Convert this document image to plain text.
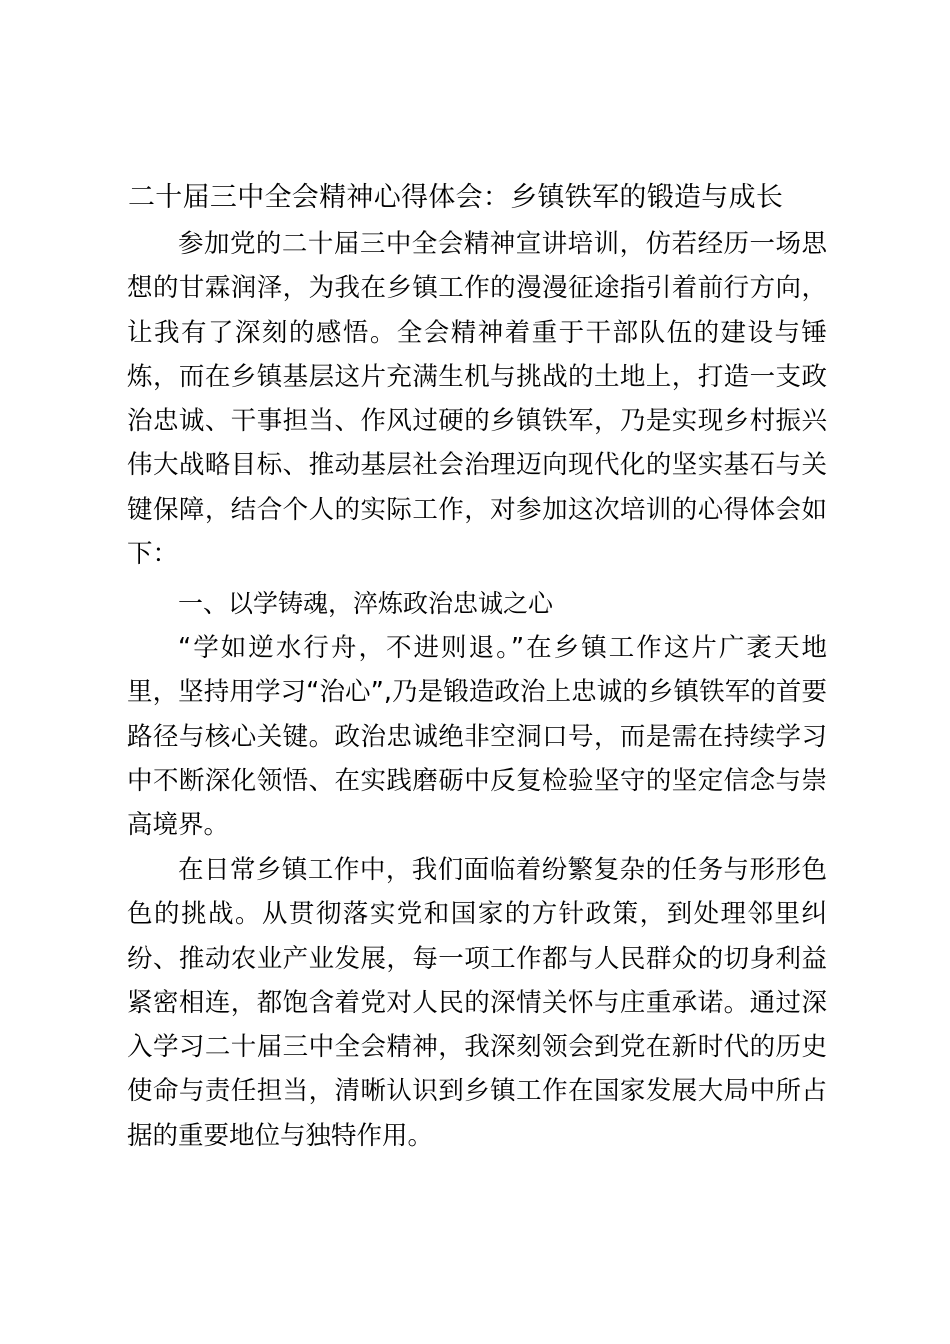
二十届三中全会精神心得体会：乡镇铁军的锻造与成长

参加党的二十届三中全会精神宣讲培训，仿若经历一场思想的甘霖润泽，为我在乡镇工作的漫漫征途指引着前行方向，让我有了深刻的感悟。全会精神着重于干部队伍的建设与锤炼，而在乡镇基层这片充满生机与挑战的土地上，打造一支政治忠诚、干事担当、作风过硬的乡镇铁军，乃是实现乡村振兴伟大战略目标、推动基层社会治理迈向现代化的坚实基石与关键保障，结合个人的实际工作，对参加这次培训的心得体会如下：

一、以学铸魂，淬炼政治忠诚之心

“学如逆水行舟，不进则退。”在乡镇工作这片广袤天地里，坚持用学习“治心”,乃是锻造政治上忠诚的乡镇铁军的首要路径与核心关键。政治忠诚绝非空洞口号，而是需在持续学习中不断深化领悟、在实践磨砺中反复检验坚守的坚定信念与崇高境界。

在日常乡镇工作中，我们面临着纷繁复杂的任务与形形色色的挑战。从贯彻落实党和国家的方针政策，到处理邻里纠纷、推动农业产业发展，每一项工作都与人民群众的切身利益紧密相连，都饱含着党对人民的深情关怀与庄重承诺。通过深入学习二十届三中全会精神，我深刻领会到党在新时代的历史使命与责任担当，清晰认识到乡镇工作在国家发展大局中所占据的重要地位与独特作用。
